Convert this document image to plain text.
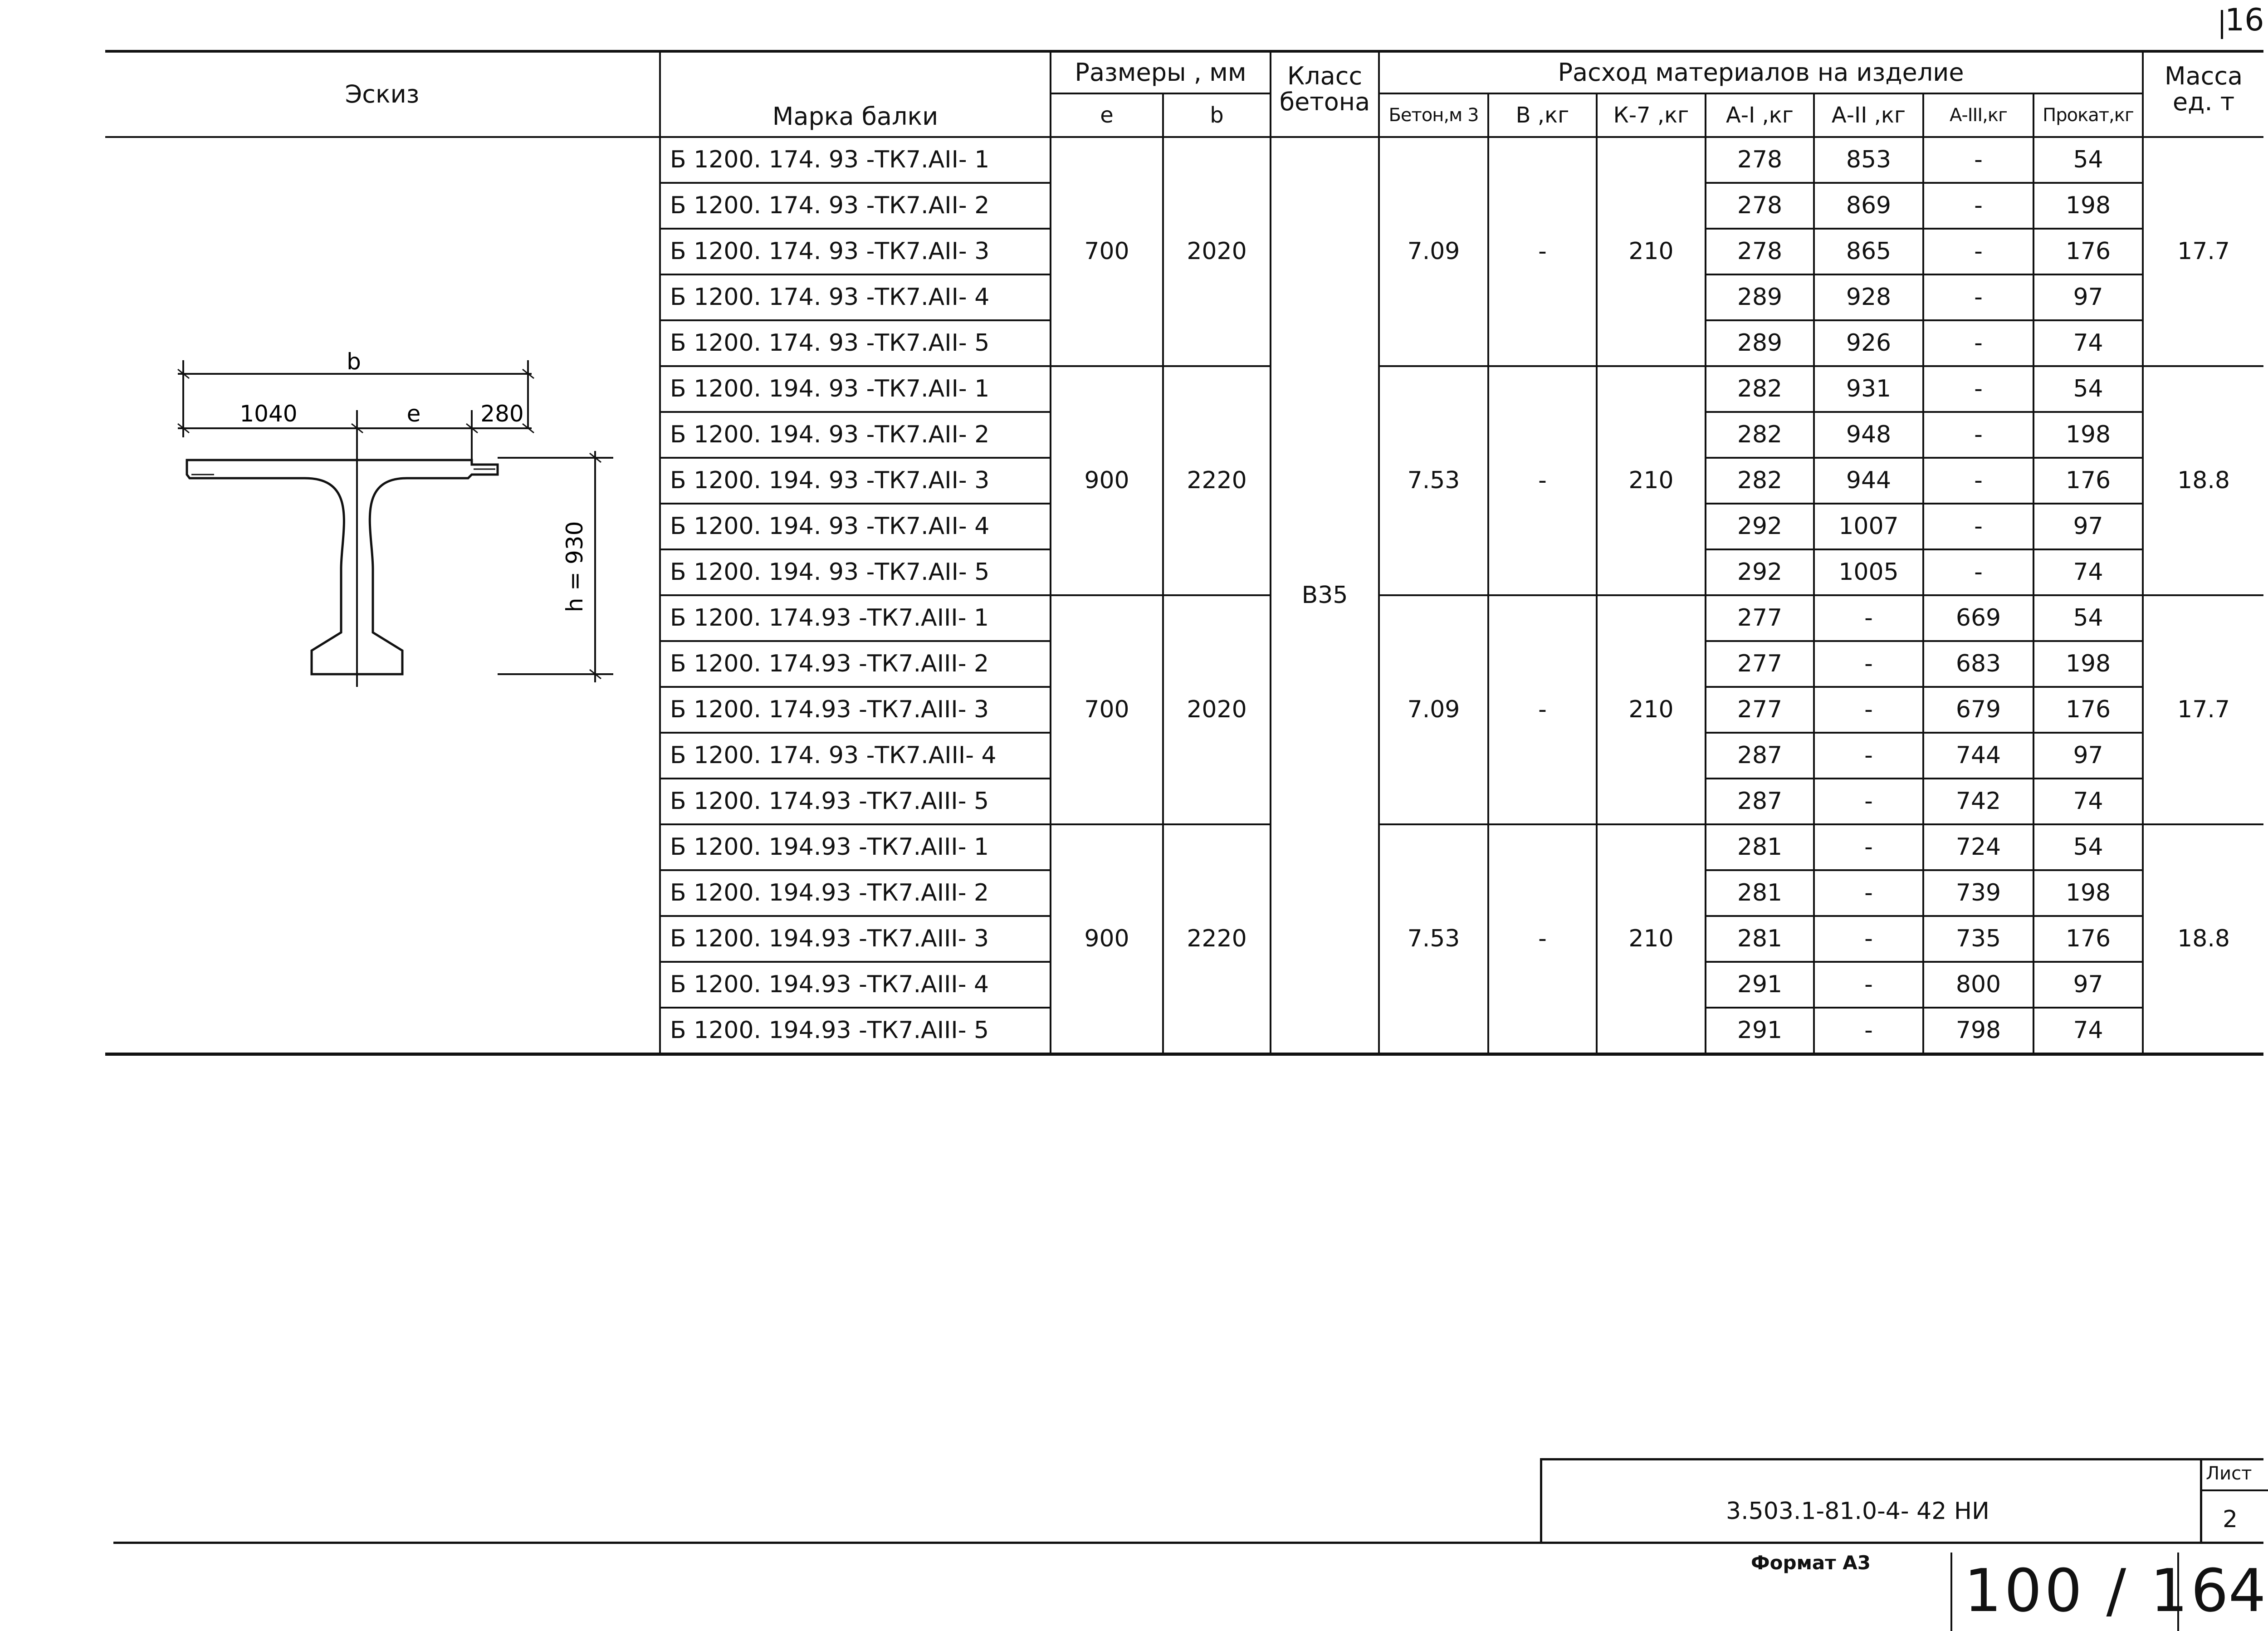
16
Эскиз	Марка балки	Размеры , мм		Класс бетона	Расход материалов на изделие							Масса ед. т
		e	b		Бетон,м 3	В ,кг	К-7 ,кг	А-I ,кг	А-II ,кг	А-III,кг	Прокат,кг	

b
1040 e 280
h = 930	Б 1200. 174. 93 -ТК7.АII- 1	700	2020	В35	7.09	-	210	278	853	-	54	17.7
	Б 1200. 174. 93 -ТК7.АII- 2							278	869	-	198	
	Б 1200. 174. 93 -ТК7.АII- 3							278	865	-	176	
	Б 1200. 174. 93 -ТК7.АII- 4							289	928	-	97	
	Б 1200. 174. 93 -ТК7.АII- 5							289	926	-	74	
	Б 1200. 194. 93 -ТК7.АII- 1	900	2220		7.53	-	210	282	931	-	54	18.8
	Б 1200. 194. 93 -ТК7.АII- 2							282	948	-	198	
	Б 1200. 194. 93 -ТК7.АII- 3							282	944	-	176	
	Б 1200. 194. 93 -ТК7.АII- 4							292	1007	-	97	
	Б 1200. 194. 93 -ТК7.АII- 5							292	1005	-	74	
	Б 1200. 174.93 -ТК7.АIII- 1	700	2020		7.09	-	210	277	-	669	54	17.7
	Б 1200. 174.93 -ТК7.АIII- 2							277	-	683	198	
	Б 1200. 174.93 -ТК7.АIII- 3							277	-	679	176	
	Б 1200. 174. 93 -ТК7.АIII- 4							287	-	744	97	
	Б 1200. 174.93 -ТК7.АIII- 5							287	-	742	74	
	Б 1200. 194.93 -ТК7.АIII- 1	900	2220		7.53	-	210	281	-	724	54	18.8
	Б 1200. 194.93 -ТК7.АIII- 2							281	-	739	198	
	Б 1200. 194.93 -ТК7.АIII- 3							281	-	735	176	
	Б 1200. 194.93 -ТК7.АIII- 4							291	-	800	97	
	Б 1200. 194.93 -ТК7.АIII- 5							291	-	798	74	
3.503.1-81.0-4- 42 НИ
Лист
2
Формат А3 100 / 1 64
